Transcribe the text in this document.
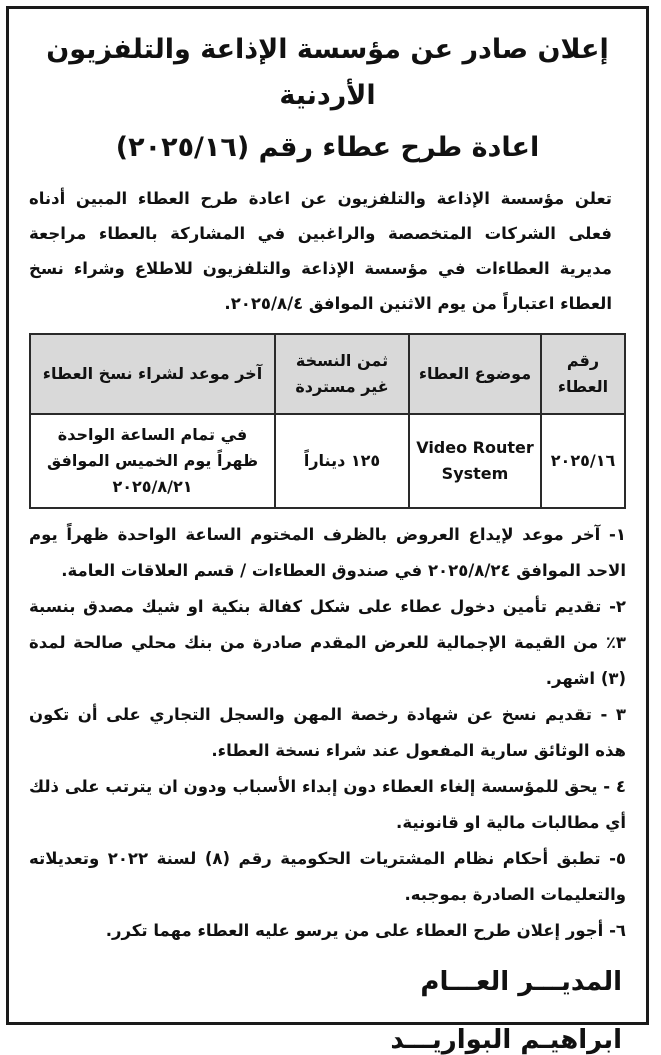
إعلان صادر عن مؤسسة الإذاعة والتلفزيون الأردنية
اعادة طرح عطاء رقم (٢٠٢٥/١٦)

تعلن مؤسسة الإذاعة والتلفزيون عن اعادة طرح العطاء المبين أدناه فعلى الشركات المتخصصة والراغبين في المشاركة بالعطاء مراجعة مديرية العطاءات في مؤسسة الإذاعة والتلفزيون للاطلاع وشراء نسخ العطاء اعتباراً من يوم الاثنين الموافق ٢٠٢٥/٨/٤.

رقم العطاء	موضوع العطاء	ثمن النسخة غير مستردة	آخر موعد لشراء نسخ العطاء
٢٠٢٥/١٦	Video Router System	١٢٥ ديناراً	في تمام الساعة الواحدة ظهراً يوم الخميس الموافق ٢٠٢٥/٨/٢١

١- آخر موعد لإيداع العروض بالظرف المختوم الساعة الواحدة ظهراً يوم الاحد الموافق ٢٠٢٥/٨/٢٤ في صندوق العطاءات / قسم العلاقات العامة.

٢- تقديم تأمين دخول عطاء على شكل كفالة بنكية او شيك مصدق بنسبة ٣٪ من القيمة الإجمالية للعرض المقدم صادرة من بنك محلي صالحة لمدة (٣) اشهر.

٣ - تقديم نسخ عن شهادة رخصة المهن والسجل التجاري على أن تكون هذه الوثائق سارية المفعول عند شراء نسخة العطاء.

٤ - يحق للمؤسسة إلغاء العطاء دون إبداء الأسباب ودون ان يترتب على ذلك أي مطالبات مالية او قانونية.

٥- تطبق أحكام نظام المشتريات الحكومية رقم (٨) لسنة ٢٠٢٢ وتعديلاته والتعليمات الصادرة بموجبه.

٦- أجور إعلان طرح العطاء على من يرسو عليه العطاء مهما تكرر.

المديـــر العـــام
ابراهيـم البواريـــد
